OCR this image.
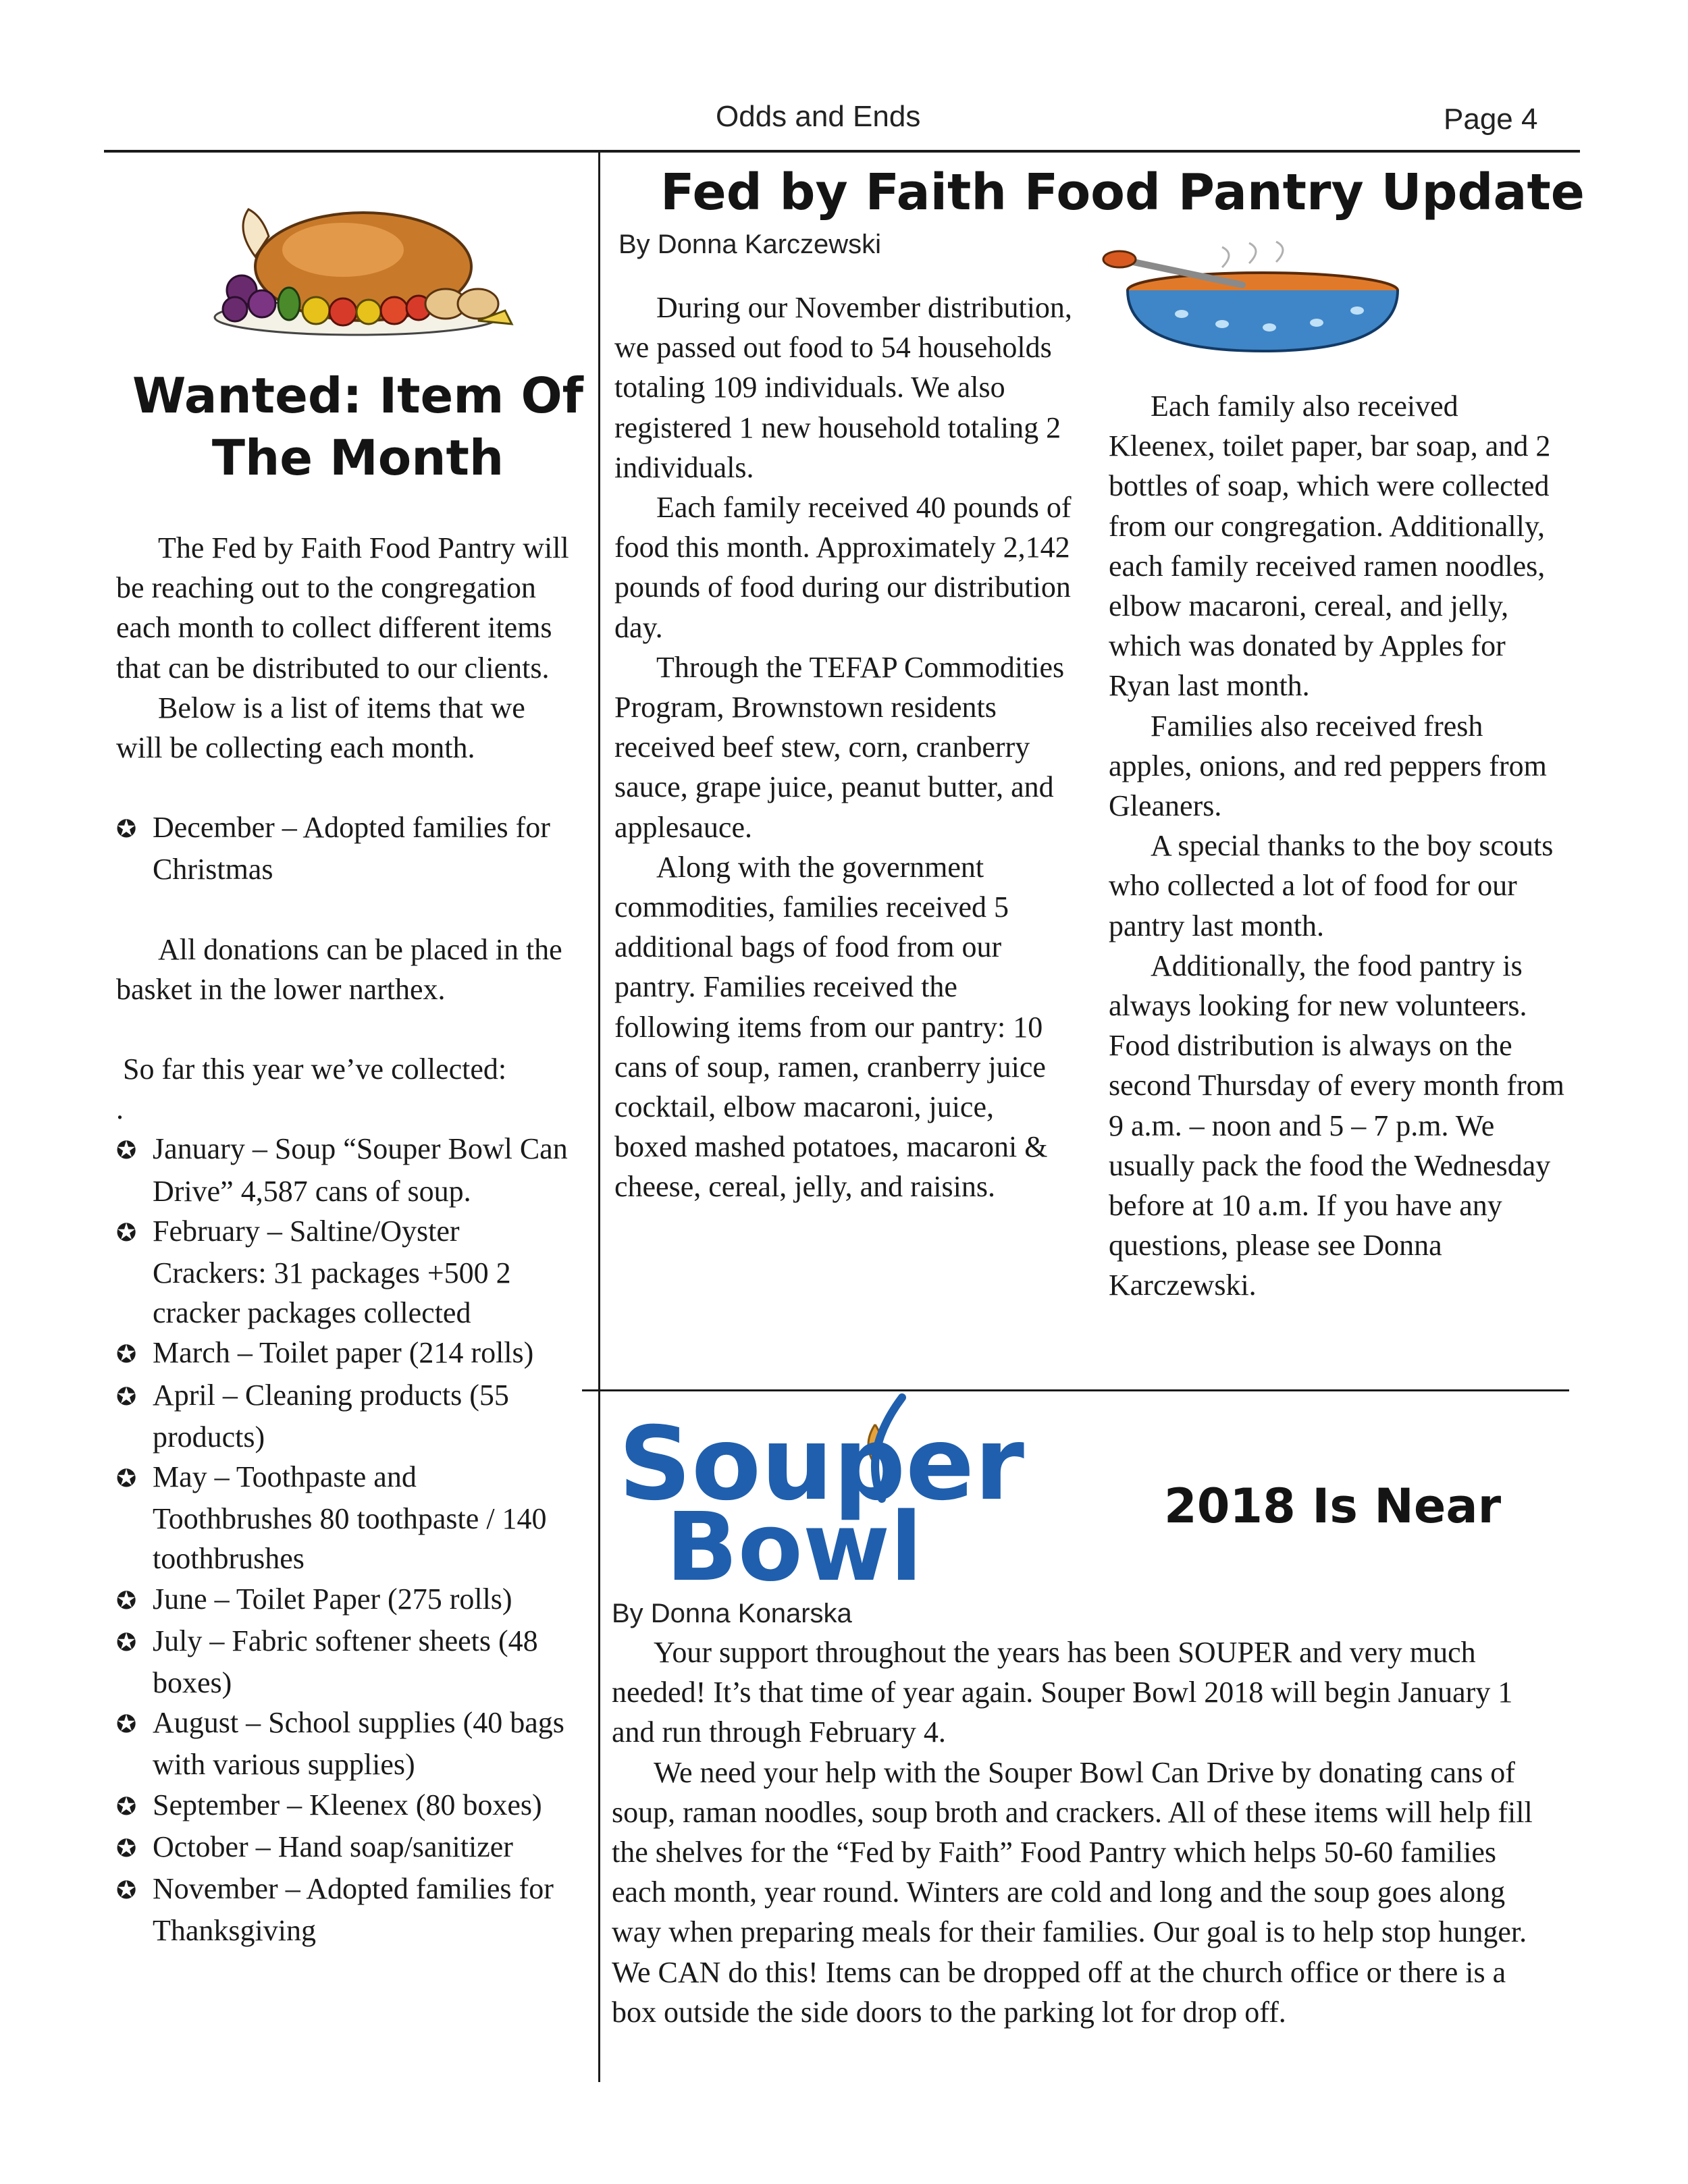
Odds and Ends	Page 4
Wanted: Item Of
The Month

The Fed by Faith Food Pantry will be reaching out to the congregation each month to collect different items that can be distributed to our clients.

Below is a list of items that we will be collecting each month.

✪ December – Adopted families for Christmas

All donations can be placed in the basket in the lower narthex.

So far this year we’ve collected:

.

✪ January – Soup “Souper Bowl Can Drive” 4,587 cans of soup.

✪ February – Saltine/Oyster Crackers: 31 packages +500 2 cracker packages collected

✪ March – Toilet paper (214 rolls)

✪ April – Cleaning products (55 products)

✪ May – Toothpaste and Toothbrushes 80 toothpaste / 140 toothbrushes

✪ June – Toilet Paper (275 rolls)

✪ July – Fabric softener sheets (48 boxes)

✪ August – School supplies (40 bags with various supplies)

✪ September – Kleenex (80 boxes)

✪ October – Hand soap/sanitizer

✪ November – Adopted families for Thanksgiving

Fed by Faith Food Pantry Update
By Donna Karczewski

During our November distribution, we passed out food to 54 households totaling 109 individuals. We also registered 1 new household totaling 2 individuals.

Each family received 40 pounds of food this month. Approximately 2,142 pounds of food during our distribution day.

Through the TEFAP Commodities Program, Brownstown residents received beef stew, corn, cranberry sauce, grape juice, peanut butter, and applesauce.

Along with the government commodities, families received 5 additional bags of food from our pantry. Families received the following items from our pantry: 10 cans of soup, ramen, cranberry juice cocktail, elbow macaroni, juice, boxed mashed potatoes, macaroni & cheese, cereal, jelly, and raisins.

Each family also received Kleenex, toilet paper, bar soap, and 2 bottles of soap, which were collected from our congregation. Additionally, each family received ramen noodles, elbow macaroni, cereal, and jelly, which was donated by Apples for Ryan last month.

Families also received fresh apples, onions, and red peppers from Gleaners.

A special thanks to the boy scouts who collected a lot of food for our pantry last month.

Additionally, the food pantry is always looking for new volunteers. Food distribution is always on the second Thursday of every month from 9 a.m. – noon and 5 – 7 p.m. We usually pack the food the Wednesday before at 10 a.m. If you have any questions, please see Donna Karczewski.

Souper
Bowl	2018 Is Near
By Donna Konarska

Your support throughout the years has been SOUPER and very much needed! It’s that time of year again. Souper Bowl 2018 will begin January 1 and run through February 4.

We need your help with the Souper Bowl Can Drive by donating cans of soup, raman noodles, soup broth and crackers. All of these items will help fill the shelves for the “Fed by Faith” Food Pantry which helps 50-60 families each month, year round. Winters are cold and long and the soup goes along way when preparing meals for their families. Our goal is to help stop hunger. We CAN do this! Items can be dropped off at the church office or there is a box outside the side doors to the parking lot for drop off.
